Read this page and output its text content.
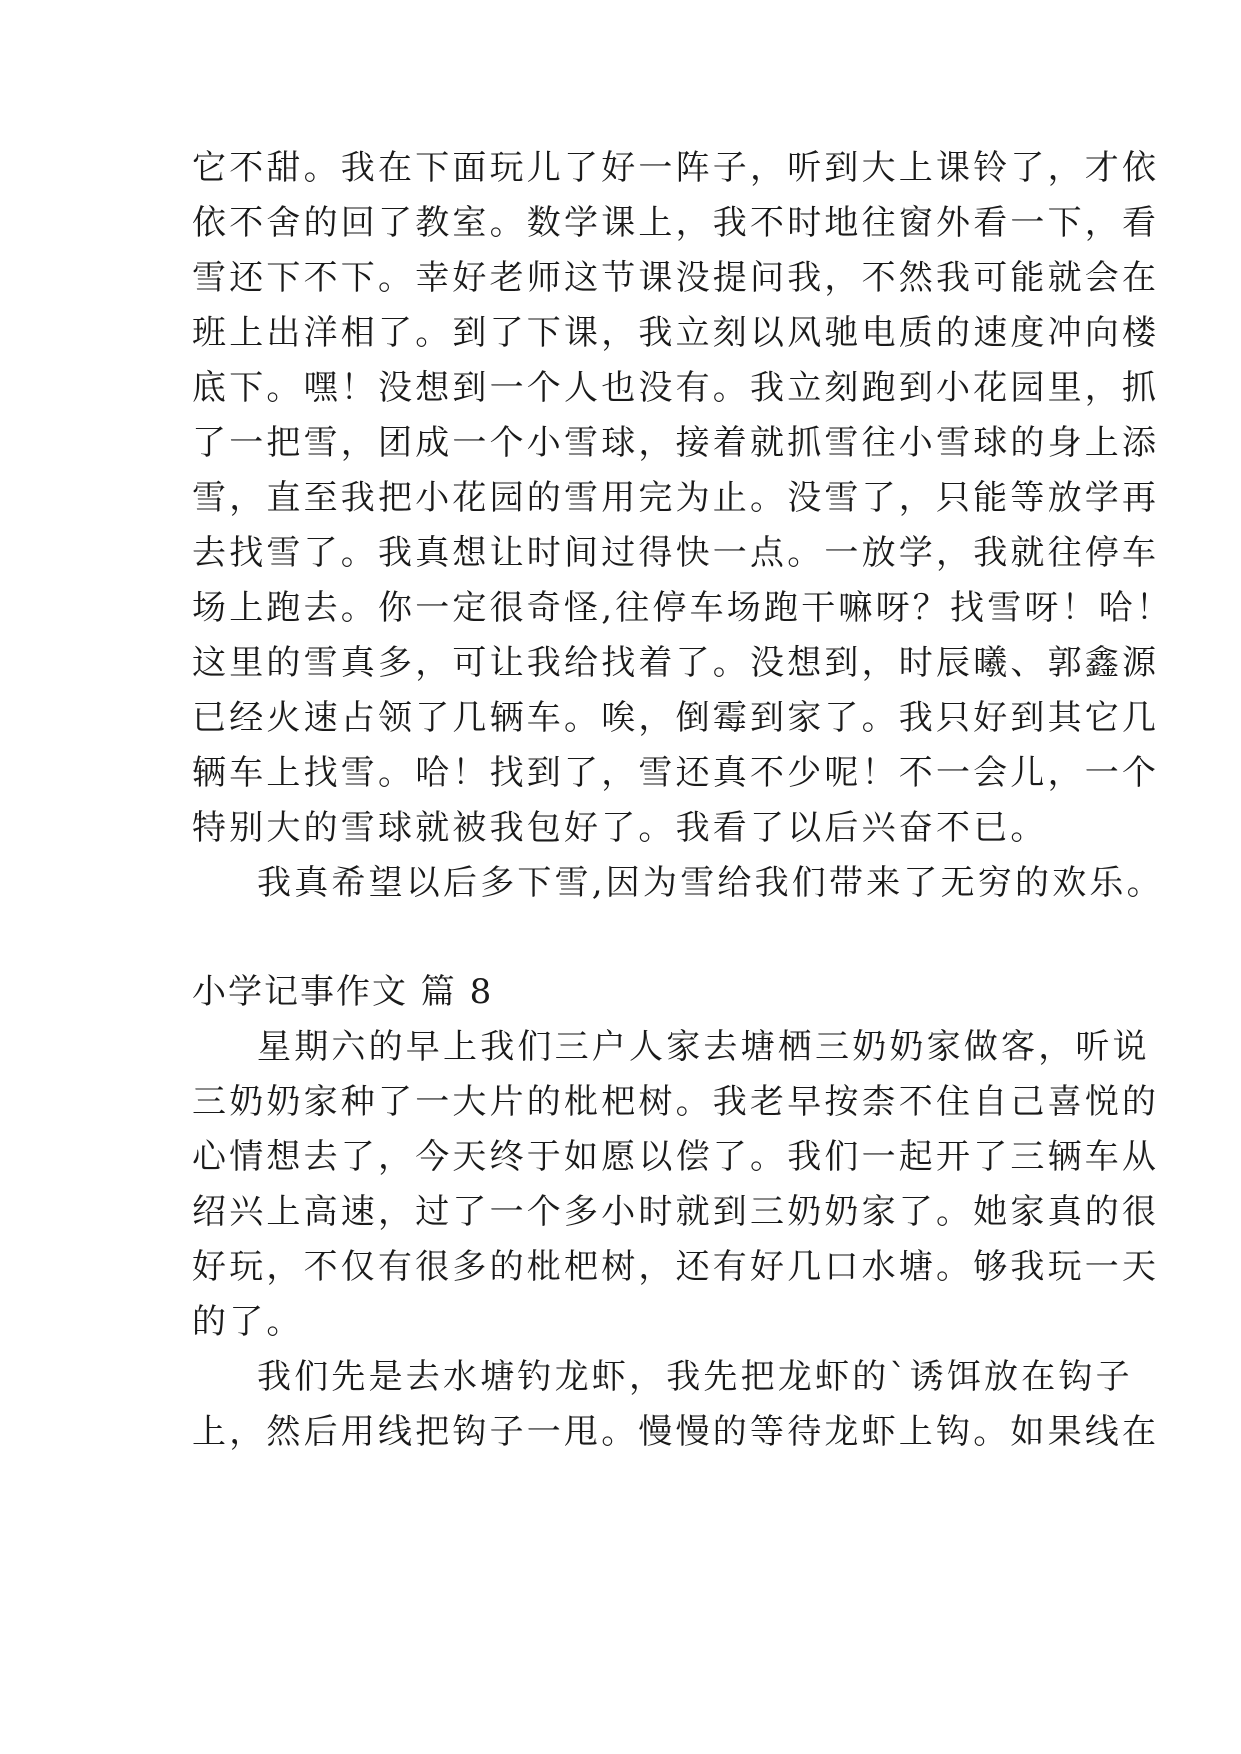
它不甜。我在下面玩儿了好一阵子，听到大上课铃了，才依
依不舍的回了教室。数学课上，我不时地往窗外看一下，看
雪还下不下。幸好老师这节课没提问我，不然我可能就会在
班上出洋相了。到了下课，我立刻以风驰电质的速度冲向楼
底下。嘿！没想到一个人也没有。我立刻跑到小花园里，抓
了一把雪，团成一个小雪球，接着就抓雪往小雪球的身上添
雪，直至我把小花园的雪用完为止。没雪了，只能等放学再
去找雪了。我真想让时间过得快一点。一放学，我就往停车
场上跑去。你一定很奇怪,往停车场跑干嘛呀？找雪呀！哈！
这里的雪真多，可让我给找着了。没想到，时辰曦、郭鑫源
已经火速占领了几辆车。唉，倒霉到家了。我只好到其它几
辆车上找雪。哈！找到了，雪还真不少呢！不一会儿，一个
特别大的雪球就被我包好了。我看了以后兴奋不已。
我真希望以后多下雪,因为雪给我们带来了无穷的欢乐。
小学记事作文 篇 8
星期六的早上我们三户人家去塘栖三奶奶家做客，听说
三奶奶家种了一大片的枇杷树。我老早按柰不住自己喜悦的
心情想去了，今天终于如愿以偿了。我们一起开了三辆车从
绍兴上高速，过了一个多小时就到三奶奶家了。她家真的很
好玩，不仅有很多的枇杷树，还有好几口水塘。够我玩一天
的了。
我们先是去水塘钓龙虾，我先把龙虾的`诱饵放在钩子
上，然后用线把钩子一甩。慢慢的等待龙虾上钩。如果线在
